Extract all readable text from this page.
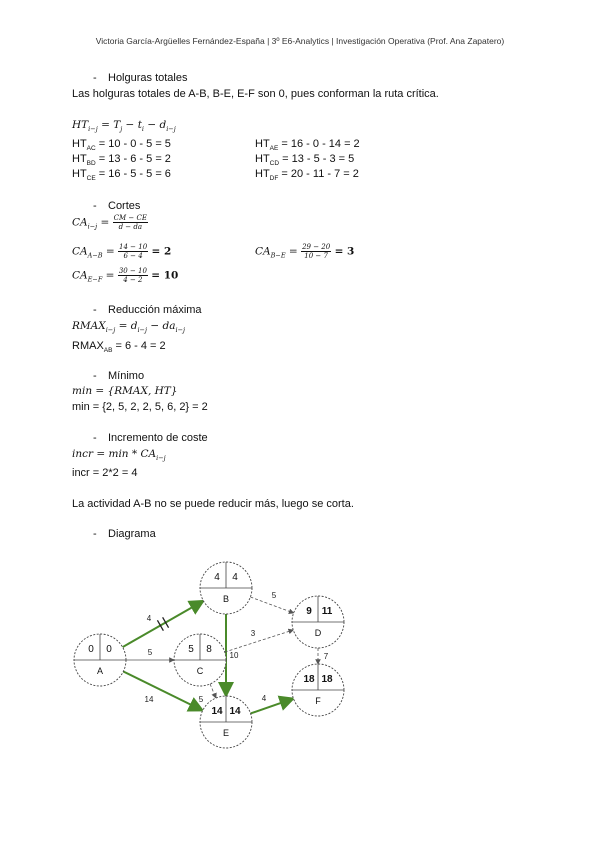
Victoria García-Argüelles Fernández-España | 3º E6-Analytics | Investigación Operativa (Prof. Ana Zapatero)
- Holguras totales
Las holguras totales de A-B, B-E, E-F son 0, pues conforman la ruta crítica.
$HT_{i-j} = T_j - t_i - d_{i-j}$
$HT_{AC} = 10 - 0 - 5 = 5$
$HT_{BD} = 13 - 6 - 5 = 2$
$HT_{CE} = 16 - 5 - 5 = 6$
$HT_{AE} = 16 - 0 - 14 = 2$
$HT_{CD} = 13 - 5 - 3 = 5$
$HT_{DF} = 20 - 11 - 7 = 2$
- Cortes
$CA_{i-j} = \frac{CM - CE}{d - da}$
$CA_{A-B} = \frac{14 - 10}{6 - 4} = 2$	$CA_{B-E} = \frac{29 - 20}{10 - 7} = 3$
$CA_{E-F} = \frac{30 - 10}{4 - 2} = 10$
- Reducción máxima
$RMAX_{i-j} = d_{i-j} - da_{i-j}$
$RMAX_{AB} = 6 - 4 = 2$
- Mínimo
min = {RMAX, HT}
min = {2, 5, 2, 2, 5, 6, 2} = 2
- Incremento de coste
incr = min * $CA_{i-j}$
incr = 2*2 = 4
La actividad A-B no se puede reducir más, luego se corta.
- Diagrama
4
5
14
5
10
3
5
7
4
0 0
A
4 4
B
5 8
C
9 11
D
14 14
E
18 18
F
